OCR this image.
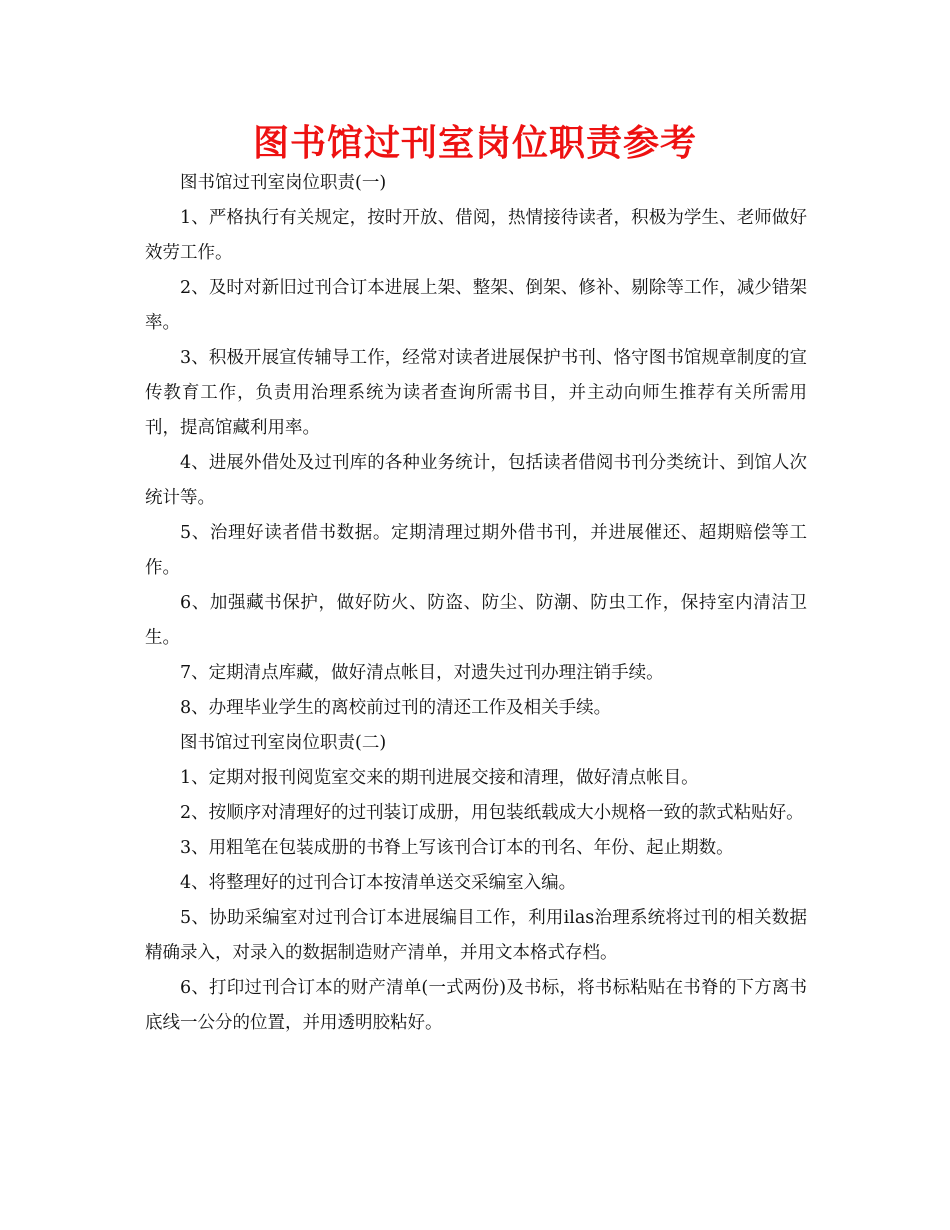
图书馆过刊室岗位职责参考

图书馆过刊室岗位职责(一)

1、严格执行有关规定，按时开放、借阅，热情接待读者，积极为学生、老师做好效劳工作。

2、及时对新旧过刊合订本进展上架、整架、倒架、修补、剔除等工作，减少错架率。

3、积极开展宣传辅导工作，经常对读者进展保护书刊、恪守图书馆规章制度的宣传教育工作，负责用治理系统为读者查询所需书目，并主动向师生推荐有关所需用刊，提高馆藏利用率。

4、进展外借处及过刊库的各种业务统计，包括读者借阅书刊分类统计、到馆人次统计等。

5、治理好读者借书数据。定期清理过期外借书刊，并进展催还、超期赔偿等工作。

6、加强藏书保护，做好防火、防盗、防尘、防潮、防虫工作，保持室内清洁卫生。

7、定期清点库藏，做好清点帐目，对遗失过刊办理注销手续。

8、办理毕业学生的离校前过刊的清还工作及相关手续。

图书馆过刊室岗位职责(二)

1、定期对报刊阅览室交来的期刊进展交接和清理，做好清点帐目。

2、按顺序对清理好的过刊装订成册，用包装纸载成大小规格一致的款式粘贴好。

3、用粗笔在包装成册的书脊上写该刊合订本的刊名、年份、起止期数。

4、将整理好的过刊合订本按清单送交采编室入编。

5、协助采编室对过刊合订本进展编目工作，利用ilas治理系统将过刊的相关数据精确录入，对录入的数据制造财产清单，并用文本格式存档。

6、打印过刊合订本的财产清单(一式两份)及书标，将书标粘贴在书脊的下方离书底线一公分的位置，并用透明胶粘好。
